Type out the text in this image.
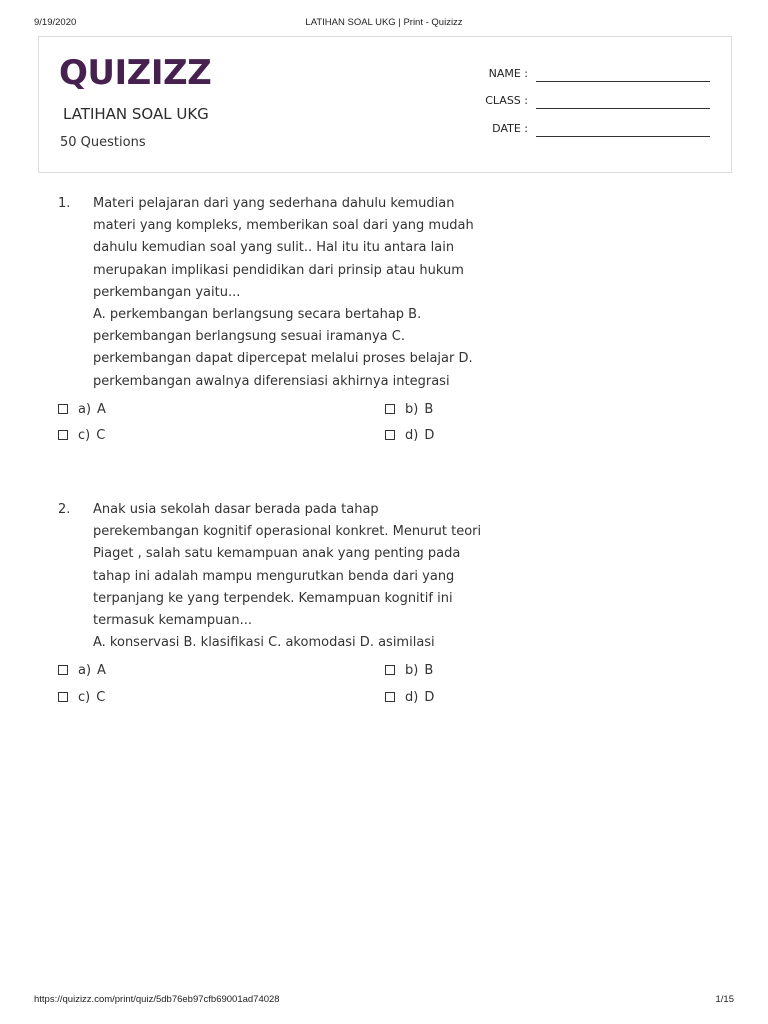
9/19/2020	LATIHAN SOAL UKG | Print - Quizizz
QUIZIZZ
LATIHAN SOAL UKG
50 Questions
NAME :
CLASS :
DATE :
1. Materi pelajaran dari yang sederhana dahulu kemudian materi yang kompleks, memberikan soal dari yang mudah dahulu kemudian soal yang sulit.. Hal itu itu antara lain merupakan implikasi pendidikan dari prinsip atau hukum perkembangan yaitu...
A. perkembangan berlangsung secara bertahap B. perkembangan berlangsung sesuai iramanya C. perkembangan dapat dipercepat melalui proses belajar D. perkembangan awalnya diferensiasi akhirnya integrasi
a) A	b) B
c) C	d) D
2. Anak usia sekolah dasar berada pada tahap perekembangan kognitif operasional konkret. Menurut teori Piaget , salah satu kemampuan anak yang penting pada tahap ini adalah mampu mengurutkan benda dari yang terpanjang ke yang terpendek. Kemampuan kognitif ini termasuk kemampuan...
A. konservasi B. klasifikasi C. akomodasi D. asimilasi
a) A	b) B
c) C	d) D
https://quizizz.com/print/quiz/5db76eb97cfb69001ad74028	1/15
